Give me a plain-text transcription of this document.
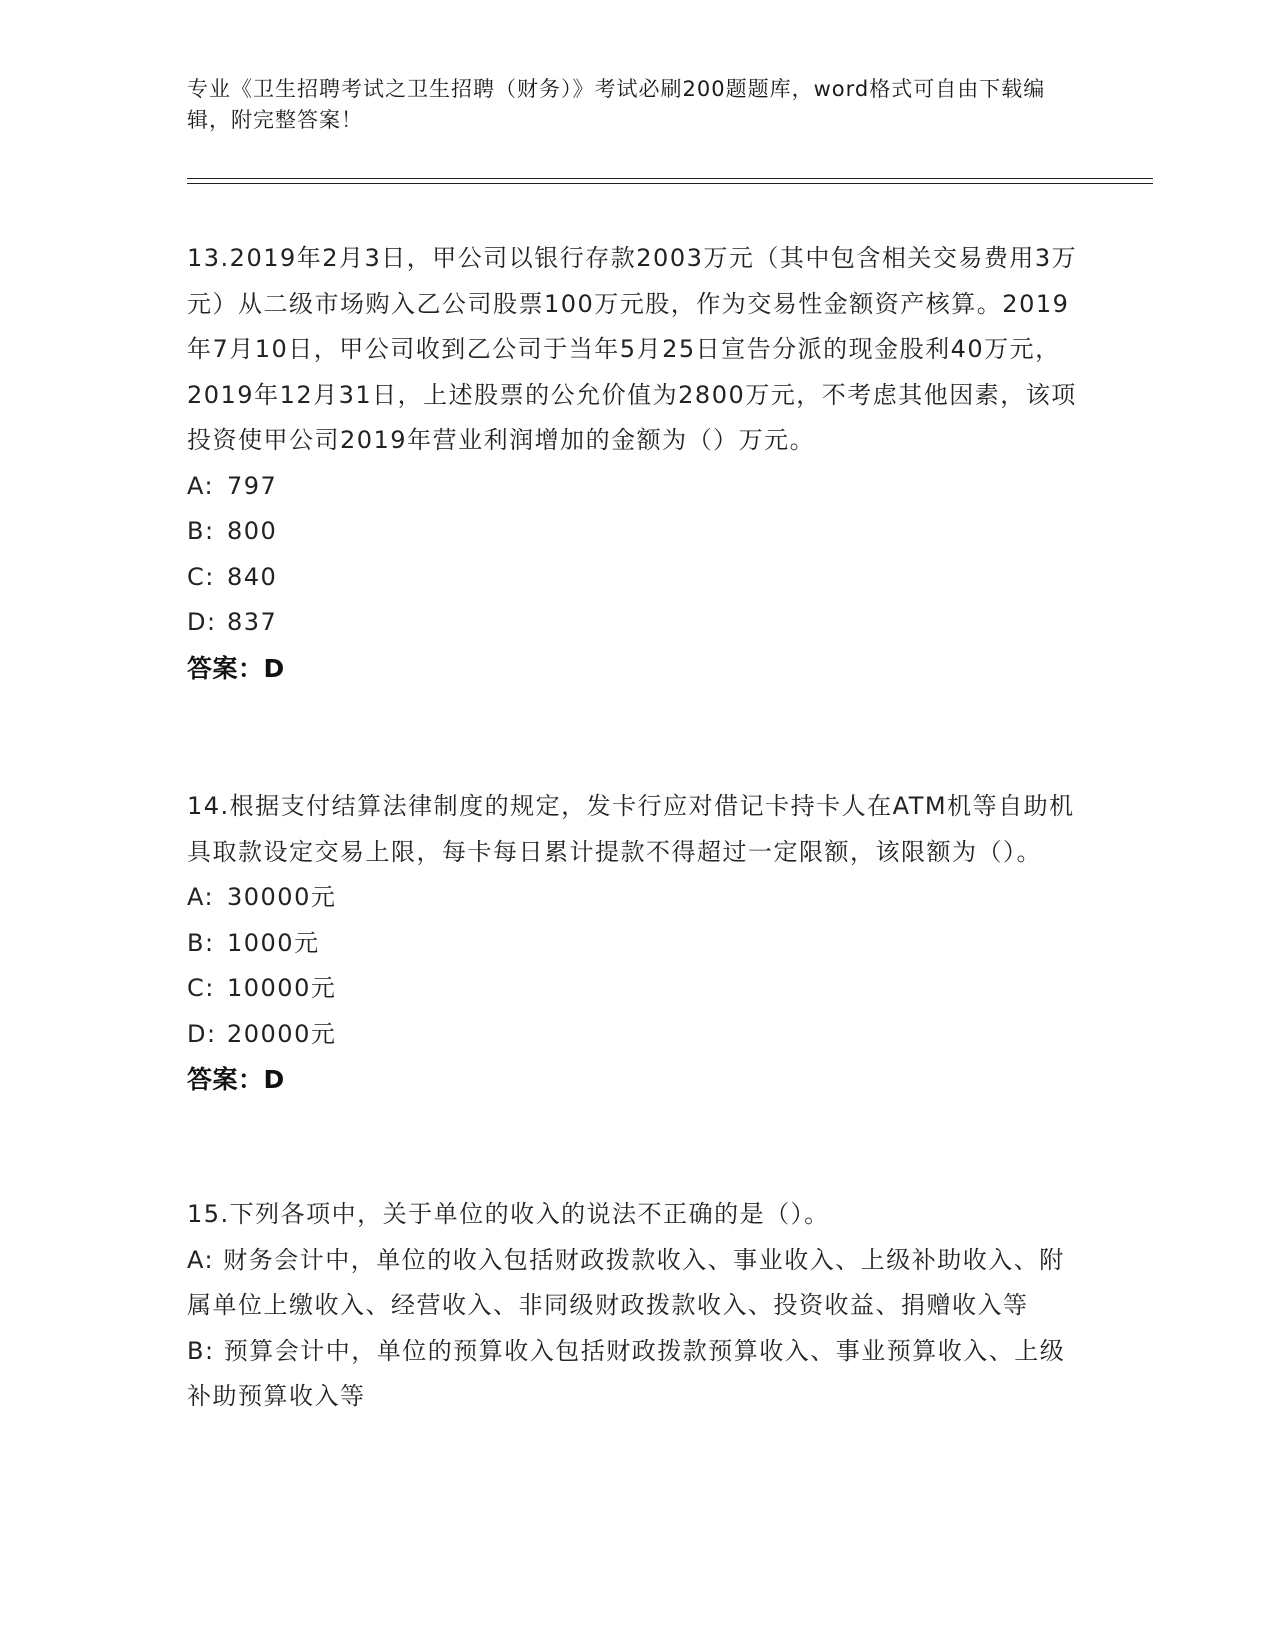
专业《卫生招聘考试之卫生招聘（财务）》考试必刷200题题库，word格式可自由下载编辑，附完整答案！

13.2019年2月3日，甲公司以银行存款2003万元（其中包含相关交易费用3万元）从二级市场购入乙公司股票100万元股，作为交易性金额资产核算。2019年7月10日，甲公司收到乙公司于当年5月25日宣告分派的现金股利40万元，2019年12月31日，上述股票的公允价值为2800万元，不考虑其他因素，该项投资使甲公司2019年营业利润增加的金额为（）万元。

A: 797

B: 800

C: 840

D: 837

答案：D

14.根据支付结算法律制度的规定，发卡行应对借记卡持卡人在ATM机等自助机具取款设定交易上限，每卡每日累计提款不得超过一定限额，该限额为（）。

A: 30000元

B: 1000元

C: 10000元

D: 20000元

答案：D

15.下列各项中，关于单位的收入的说法不正确的是（）。

A: 财务会计中，单位的收入包括财政拨款收入、事业收入、上级补助收入、附属单位上缴收入、经营收入、非同级财政拨款收入、投资收益、捐赠收入等

B: 预算会计中，单位的预算收入包括财政拨款预算收入、事业预算收入、上级补助预算收入等
